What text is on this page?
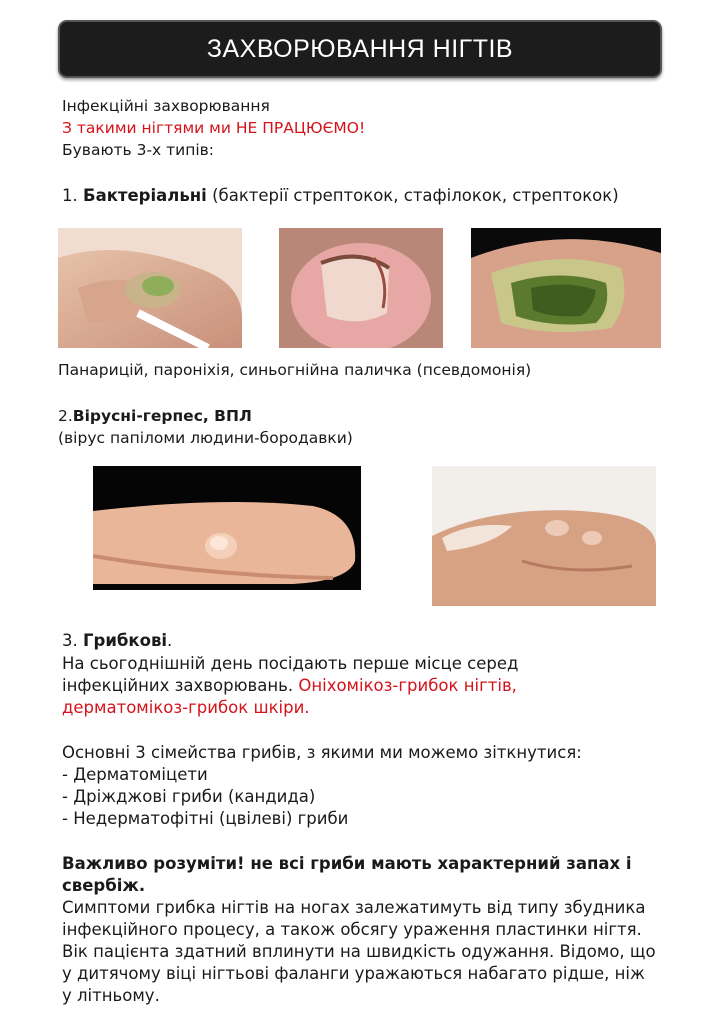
ЗАХВОРЮВАННЯ НІГТІВ
Інфекційні захворювання
З такими нігтями ми НЕ ПРАЦЮЄМО!
Бувають 3-х типів:
1. Бактеріальні (бактерії стрептокок, стафілокок, стрептокок)
Панарицій, пароніхія, синьогнійна паличка (псевдомонія)
2.Вірусні-герпес, ВПЛ
(вірус папіломи людини-бородавки)
3. Грибкові.
На сьогоднішній день посідають перше місце серед
інфекційних захворювань. Оніхомікоз-грибок нігтів,
дерматомікоз-грибок шкіри.
Основні 3 сімейства грибів, з якими ми можемо зіткнутися:
- Дерматоміцети
- Дріжджові гриби (кандида)
- Недерматофітні (цвілеві) гриби
Важливо розуміти! не всі гриби мають характерний запах і
свербіж.
Симптоми грибка нігтів на ногах залежатимуть від типу збудника
інфекційного процесу, а також обсягу ураження пластинки нігтя.
Вік пацієнта здатний вплинути на швидкість одужання. Відомо, що
у дитячому віці нігтьові фаланги уражаються набагато рідше, ніж
у літньому.
